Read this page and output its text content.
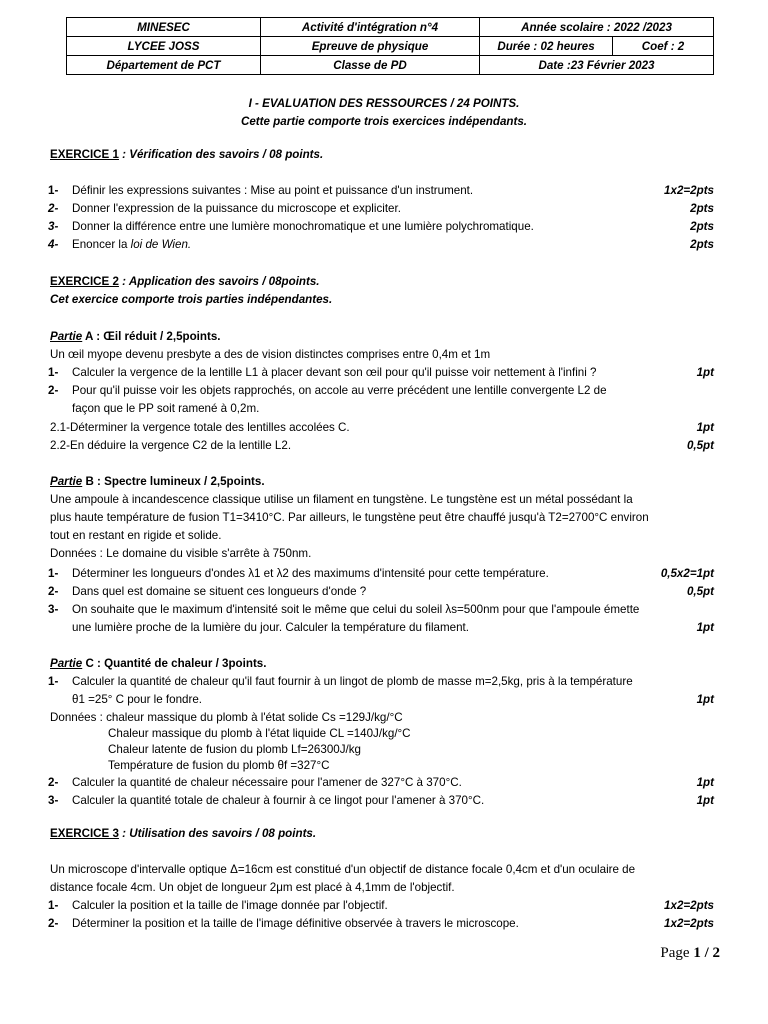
MINESEC	Activité d'intégration n°4	Année scolaire : 2022 /2023	
LYCEE JOSS	Epreuve de physique	Durée : 02 heures	Coef : 2
Département de PCT	Classe de PD	Date :23 Février 2023	
I - EVALUATION DES RESSOURCES / 24 POINTS.
Cette partie comporte trois exercices indépendants.
EXERCICE 1 : Vérification des savoirs / 08 points.
1- Définir les expressions suivantes : Mise au point et puissance d'un instrument.	1x2=2pts
2- Donner l'expression de la puissance du microscope et expliciter.	2pts
3- Donner la différence entre une lumière monochromatique et une lumière polychromatique.	2pts
4- Enoncer la loi de Wien.	2pts
EXERCICE 2 : Application des savoirs / 08points.
Cet exercice comporte trois parties indépendantes.
Partie A : Œil réduit / 2,5points.
Un œil myope devenu presbyte a des de vision distinctes comprises entre 0,4m et 1m
1- Calculer la vergence de la lentille L1 à placer devant son œil pour qu'il puisse voir nettement à l'infini ?	1pt
2- Pour qu'il puisse voir les objets rapprochés, on accole au verre précédent une lentille convergente L2 de
façon que le PP soit ramené à 0,2m.
2.1-Déterminer la vergence totale des lentilles accolées C.	1pt
2.2-En déduire la vergence C2 de la lentille L2.	0,5pt
Partie B : Spectre lumineux / 2,5points.
Une ampoule à incandescence classique utilise un filament en tungstène. Le tungstène est un métal possédant la
plus haute température de fusion T1=3410°C. Par ailleurs, le tungstène peut être chauffé jusqu'à T2=2700°C environ
tout en restant en rigide et solide.
Données : Le domaine du visible s'arrête à 750nm.
1- Déterminer les longueurs d'ondes λ1 et λ2 des maximums d'intensité pour cette température.	0,5x2=1pt
2- Dans quel est domaine se situent ces longueurs d'onde ?	0,5pt
3- On souhaite que le maximum d'intensité soit le même que celui du soleil λs=500nm pour que l'ampoule émette
une lumière proche de la lumière du jour. Calculer la température du filament.	1pt
Partie C : Quantité de chaleur / 3points.
1- Calculer la quantité de chaleur qu'il faut fournir à un lingot de plomb de masse m=2,5kg, pris à la température
θ1 =25° C pour le fondre.	1pt
Données : chaleur massique du plomb à l'état solide Cs =129J/kg/°C
Chaleur massique du plomb à l'état liquide CL =140J/kg/°C
Chaleur latente de fusion du plomb Lf=26300J/kg
Température de fusion du plomb θf =327°C
2- Calculer la quantité de chaleur nécessaire pour l'amener de 327°C à 370°C.	1pt
3- Calculer la quantité totale de chaleur à fournir à ce lingot pour l'amener à 370°C.	1pt
EXERCICE 3 : Utilisation des savoirs / 08 points.
Un microscope d'intervalle optique Δ=16cm est constitué d'un objectif de distance focale 0,4cm et d'un oculaire de
distance focale 4cm. Un objet de longueur 2μm est placé à 4,1mm de l'objectif.
1- Calculer la position et la taille de l'image donnée par l'objectif.	1x2=2pts
2- Déterminer la position et la taille de l'image définitive observée à travers le microscope.	1x2=2pts
Page 1 / 2
